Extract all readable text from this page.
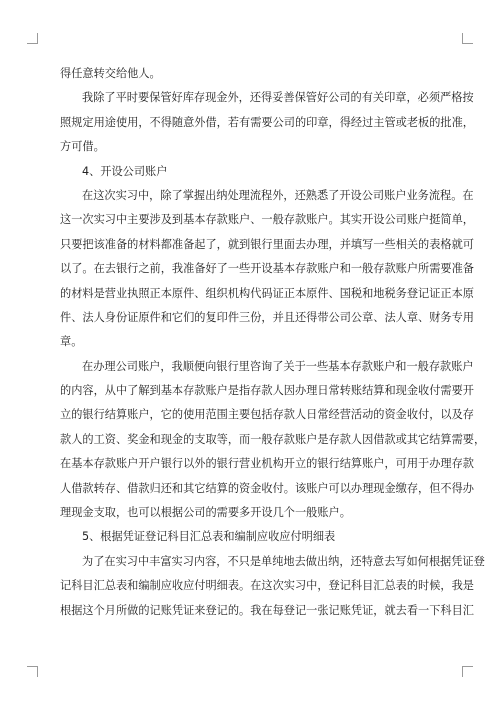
得任意转交给他人。
我除了平时要保管好库存现金外，还得妥善保管好公司的有关印章，必须严格按
照规定用途使用，不得随意外借，若有需要公司的印章，得经过主管或老板的批准，
方可借。
4、开设公司账户
在这次实习中，除了掌握出纳处理流程外，还熟悉了开设公司账户业务流程。在
这一次实习中主要涉及到基本存款账户、一般存款账户。其实开设公司账户挺简单，
只要把该准备的材料都准备起了，就到银行里面去办理，并填写一些相关的表格就可
以了。在去银行之前，我准备好了一些开设基本存款账户和一般存款账户所需要准备
的材料是营业执照正本原件、组织机构代码证正本原件、国税和地税务登记证正本原
件、法人身份证原件和它们的复印件三份，并且还得带公司公章、法人章、财务专用
章。
在办理公司账户，我顺便向银行里咨询了关于一些基本存款账户和一般存款账户
的内容，从中了解到基本存款账户是指存款人因办理日常转账结算和现金收付需要开
立的银行结算账户，它的使用范围主要包括存款人日常经营活动的资金收付，以及存
款人的工资、奖金和现金的支取等，而一般存款账户是存款人因借款或其它结算需要，
在基本存款账户开户银行以外的银行营业机构开立的银行结算账户，可用于办理存款
人借款转存、借款归还和其它结算的资金收付。该账户可以办理现金缴存，但不得办
理现金支取，也可以根据公司的需要多开设几个一般账户。
5、根据凭证登记科目汇总表和编制应收应付明细表
为了在实习中丰富实习内容，不只是单纯地去做出纳，还特意去写如何根据凭证登
记科目汇总表和编制应收应付明细表。在这次实习中，登记科目汇总表的时候，我是
根据这个月所做的记账凭证来登记的。我在每登记一张记账凭证，就去看一下科目汇
